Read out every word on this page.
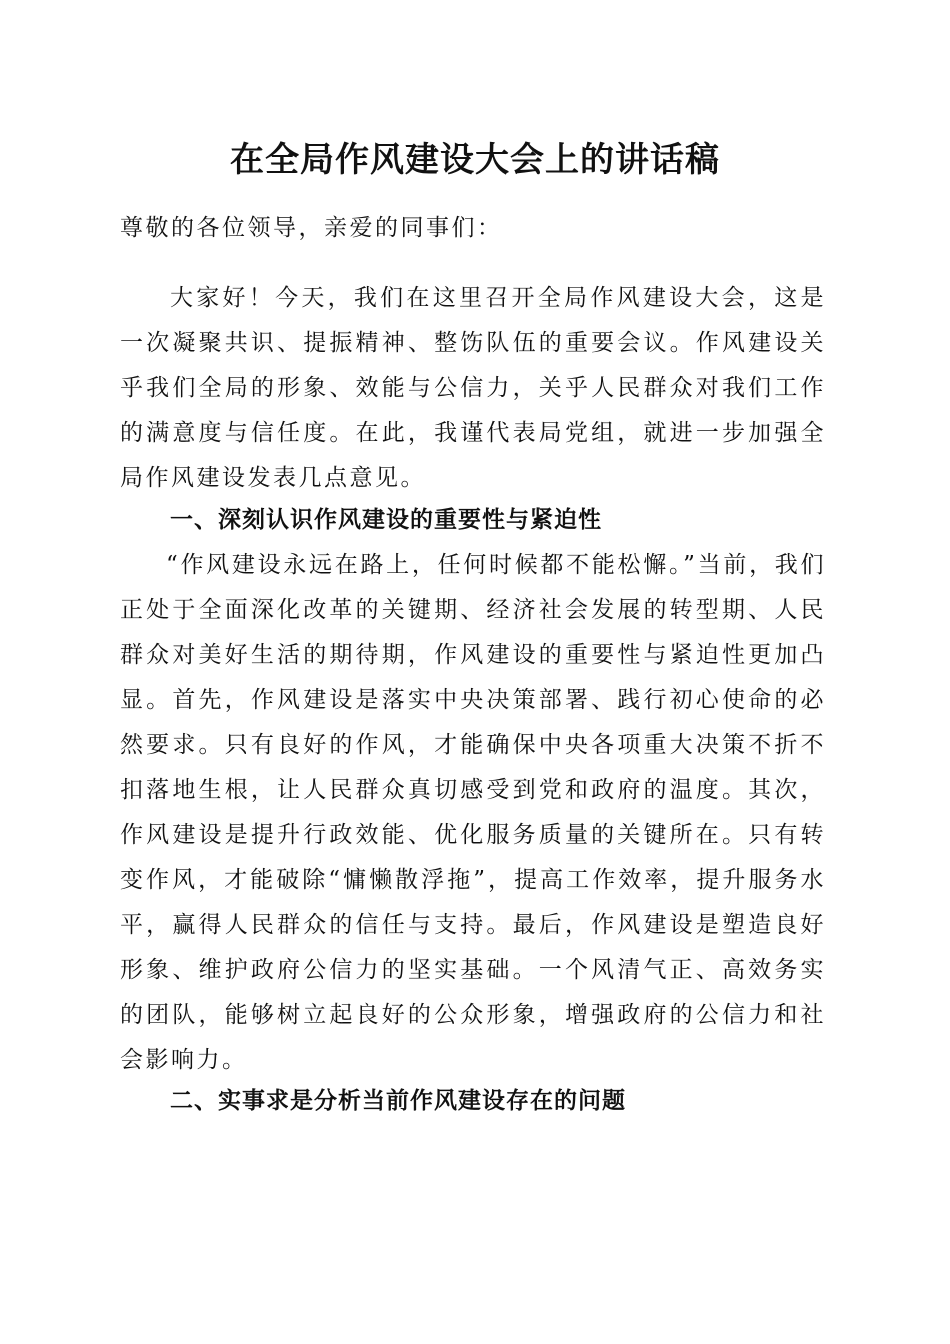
在全局作风建设大会上的讲话稿

尊敬的各位领导，亲爱的同事们：

大家好！今天，我们在这里召开全局作风建设大会，这是一次凝聚共识、提振精神、整饬队伍的重要会议。作风建设关乎我们全局的形象、效能与公信力，关乎人民群众对我们工作的满意度与信任度。在此，我谨代表局党组，就进一步加强全局作风建设发表几点意见。

一、深刻认识作风建设的重要性与紧迫性

“作风建设永远在路上，任何时候都不能松懈。”当前，我们正处于全面深化改革的关键期、经济社会发展的转型期、人民群众对美好生活的期待期，作风建设的重要性与紧迫性更加凸显。首先，作风建设是落实中央决策部署、践行初心使命的必然要求。只有良好的作风，才能确保中央各项重大决策不折不扣落地生根，让人民群众真切感受到党和政府的温度。其次，作风建设是提升行政效能、优化服务质量的关键所在。只有转变作风，才能破除“慵懒散浮拖”，提高工作效率，提升服务水平，赢得人民群众的信任与支持。最后，作风建设是塑造良好形象、维护政府公信力的坚实基础。一个风清气正、高效务实的团队，能够树立起良好的公众形象，增强政府的公信力和社会影响力。

二、实事求是分析当前作风建设存在的问题
